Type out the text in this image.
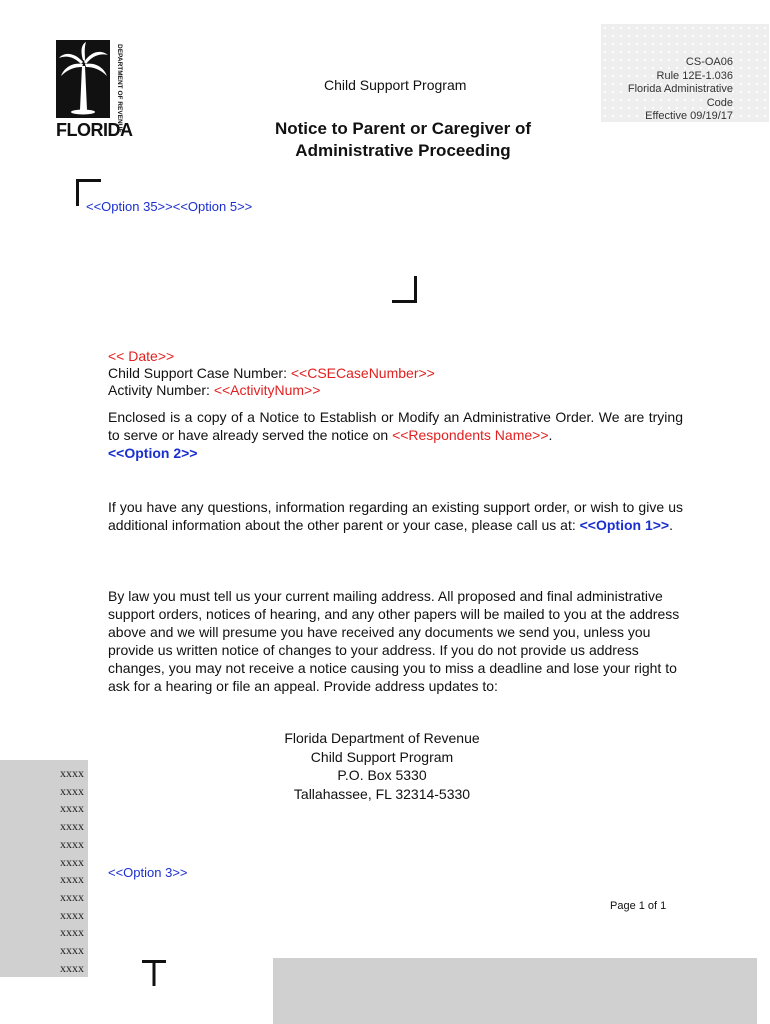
DEPARTMENT OF REVENUE
FLORIDA
CS-OA06
Rule 12E-1.036
Florida Administrative Code
Effective 09/19/17
Child Support Program
Notice to Parent or Caregiver of
Administrative Proceeding
<<Option 35>><<Option 5>>
<< Date>>
Child Support Case Number: <<CSECaseNumber>>
Activity Number: <<ActivityNum>>
Enclosed is a copy of a Notice to Establish or Modify an Administrative Order. We are trying to serve or have already served the notice on <<Respondents Name>>.
<<Option 2>>
If you have any questions, information regarding an existing support order, or wish to give us additional information about the other parent or your case, please call us at: <<Option 1>>.
By law you must tell us your current mailing address. All proposed and final administrative support orders, notices of hearing, and any other papers will be mailed to you at the address above and we will presume you have received any documents we send you, unless you provide us written notice of changes to your address. If you do not provide us address changes, you may not receive a notice causing you to miss a deadline and lose your right to ask for a hearing or file an appeal. Provide address updates to:
Florida Department of Revenue
Child Support Program
P.O. Box 5330
Tallahassee, FL 32314-5330
xxxx
xxxx
xxxx
xxxx
xxxx
xxxx
xxxx
xxxx
xxxx
xxxx
xxxx
xxxx
<<Option 3>>
Page 1 of 1
